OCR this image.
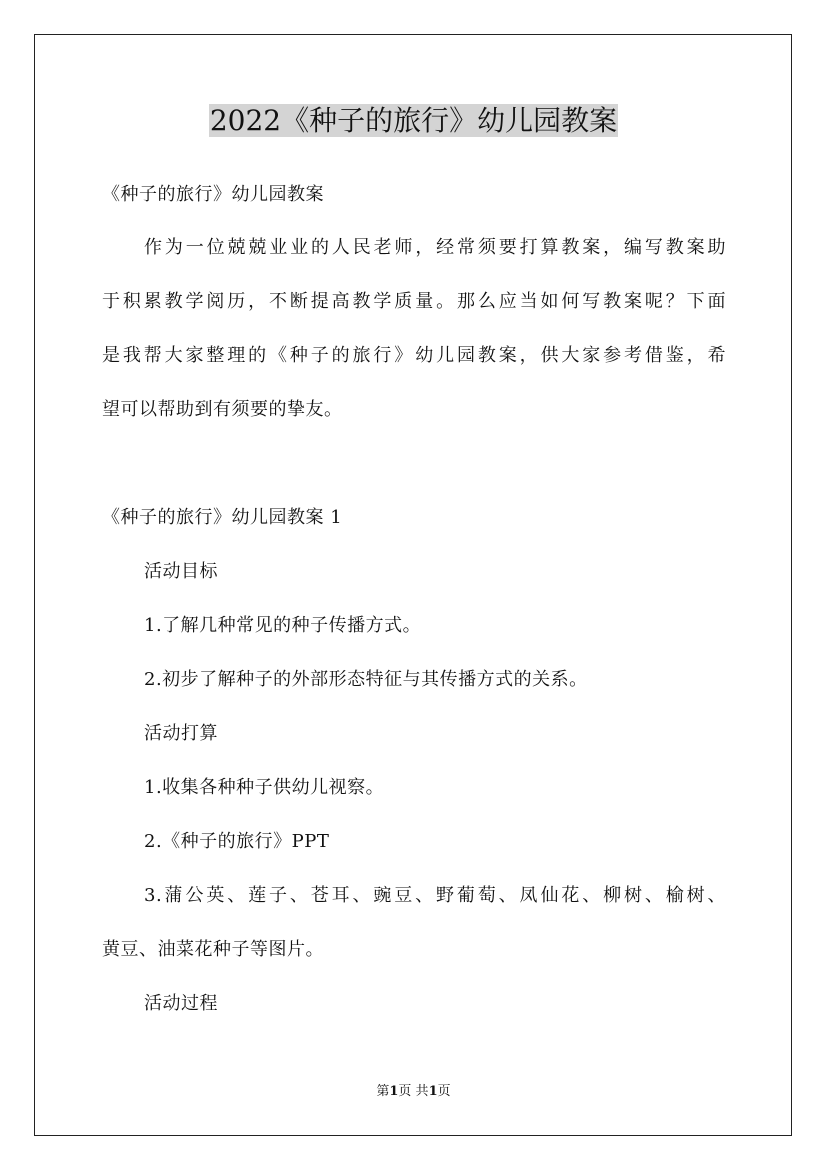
2022《种子的旅行》幼儿园教案
《种子的旅行》幼儿园教案
作为一位兢兢业业的人民老师，经常须要打算教案，编写教案助
于积累教学阅历，不断提高教学质量。那么应当如何写教案呢？下面
是我帮大家整理的《种子的旅行》幼儿园教案，供大家参考借鉴，希
望可以帮助到有须要的挚友。
《种子的旅行》幼儿园教案 1
活动目标
1.了解几种常见的种子传播方式。
2.初步了解种子的外部形态特征与其传播方式的关系。
活动打算
1.收集各种种子供幼儿视察。
2.《种子的旅行》PPT
3.蒲公英、莲子、苍耳、豌豆、野葡萄、凤仙花、柳树、榆树、
黄豆、油菜花种子等图片。
活动过程
第1页 共1页
